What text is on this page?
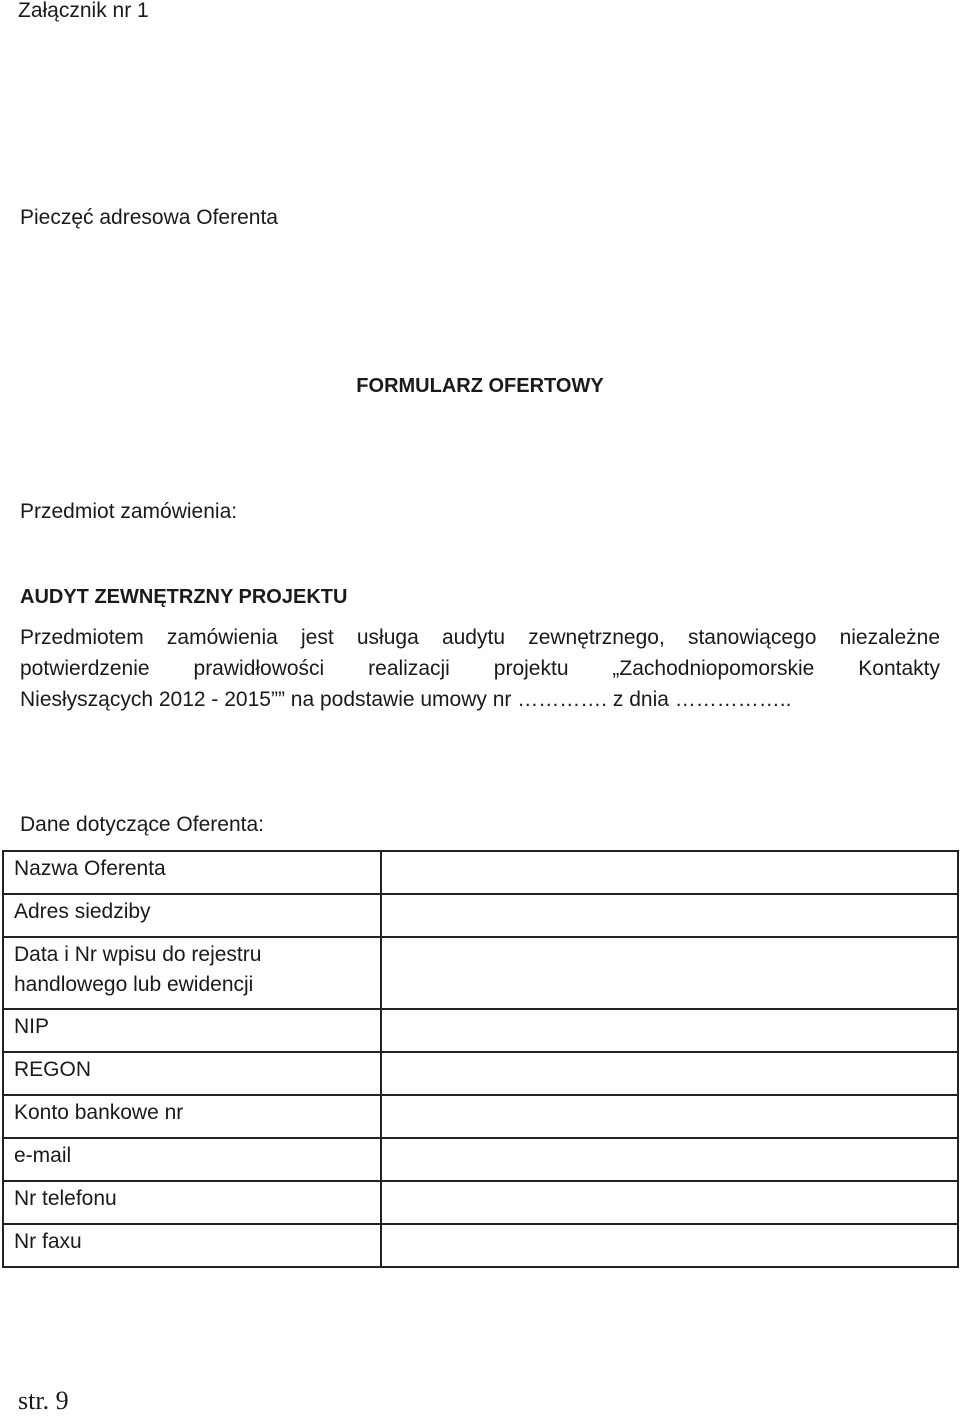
Załącznik nr 1
Pieczęć adresowa Oferenta
FORMULARZ OFERTOWY
Przedmiot zamówienia:
AUDYT ZEWNĘTRZNY PROJEKTU
Przedmiotem zamówienia jest usługa audytu zewnętrznego, stanowiącego niezależne
potwierdzenie prawidłowości realizacji projektu „Zachodniopomorskie Kontakty
Niesłyszących 2012 - 2015”” na podstawie umowy nr …………. z dnia ……………..
Dane dotyczące Oferenta:
Nazwa Oferenta	
Adres siedziby	
Data i Nr wpisu do rejestru handlowego lub ewidencji	
NIP	
REGON	
Konto bankowe nr	
e-mail	
Nr telefonu	
Nr faxu	
str. 9
